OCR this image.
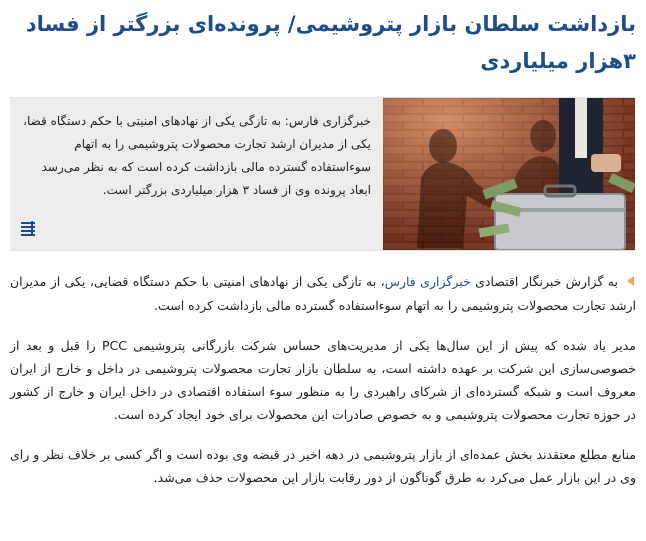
بازداشت سلطان بازار پتروشیمی/ پرونده‌ای بزرگتر از فساد ۳هزار میلیاردی
خبرگزاری فارس: به تازگی یکی از نهادهای امنیتی با حکم دستگاه قضا، یکی از مدیران ارشد تجارت محصولات پتروشیمی را به اتهام سوءاستفاده گسترده مالی بازداشت کرده است که به نظر می‌رسد ابعاد پرونده وی از فساد ۳ هزار میلیاردی بزرگتر است.

به گزارش خبرنگار اقتصادی خبرگزاری فارس، به تازگی یکی از نهادهای امنیتی با حکم دستگاه قضایی، یکی از مدیران ارشد تجارت محصولات پتروشیمی را به اتهام سوءاستفاده گسترده مالی بازداشت کرده است.

مدیر یاد شده که پیش از این سال‌ها یکی از مدیریت‌های حساس شرکت بازرگانی پتروشیمی PCC را قبل و بعد از خصوصی‌سازی این شرکت بر عهده داشته است، به سلطان بازار تجارت محصولات پتروشیمی در داخل و خارج از ایران معروف است و شبکه گسترده‌ای از شرکای راهبردی را به منظور سوء استفاده اقتصادی در داخل ایران و خارج از کشور در حوزه تجارت محصولات پتروشیمی و به خصوص صادرات این محصولات برای خود ایجاد کرده است.

منابع مطلع معتقدند بخش عمده‌ای از بازار پتروشیمی در دهه اخیر در قبضه وی بوده است و اگر کسی بر خلاف نظر و رای وی در این بازار عمل می‌کرد به طرق گوناگون از دور رقابت بازار این محصولات حذف می‌شد.
